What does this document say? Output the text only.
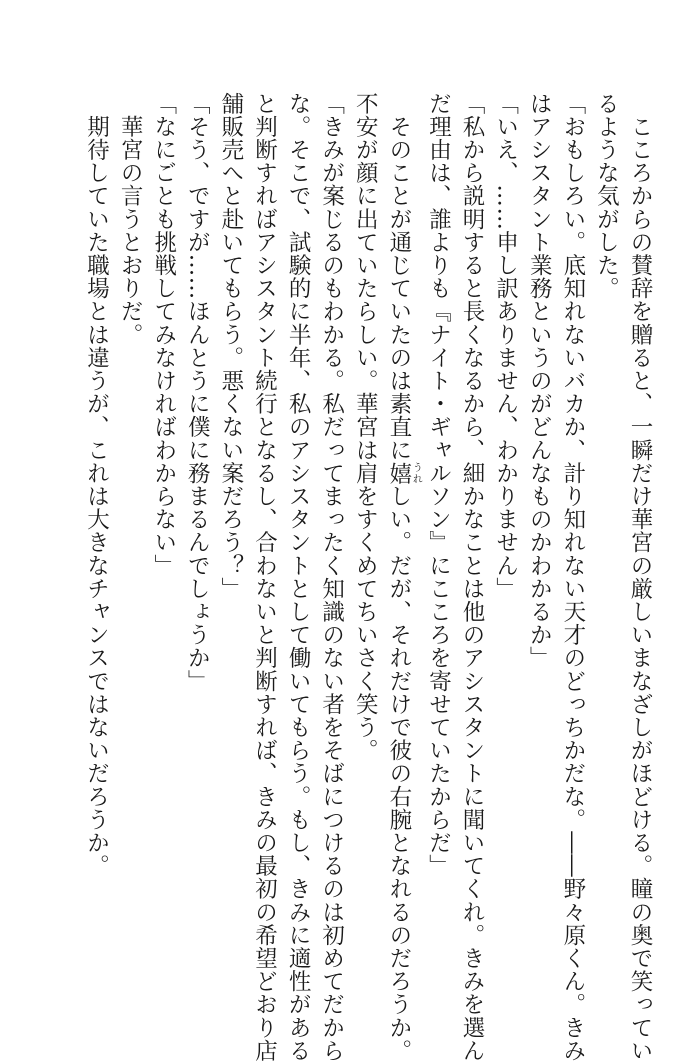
　こころからの賛辞を贈ると、一瞬だけ華宮の厳しいまなざしがほどける。瞳の奥で笑ってい
るような気がした。
「おもしろい。底知れないバカか、計り知れない天才のどっちかだな。――野々原くん。きみ
はアシスタント業務というのがどんなものかわかるか」
「いえ、……申し訳ありません、わかりません」
「私から説明すると長くなるから、細かなことは他のアシスタントに聞いてくれ。きみを選ん
だ理由は、誰よりも『ナイト・ギャルソン』にこころを寄せていたからだ」
　そのことが通じていたのは素直に嬉うれしい。だが、それだけで彼の右腕となれるのだろうか。
不安が顔に出ていたらしい。華宮は肩をすくめてちいさく笑う。
「きみが案じるのもわかる。私だってまったく知識のない者をそばにつけるのは初めてだから
な。そこで、試験的に半年、私のアシスタントとして働いてもらう。もし、きみに適性がある
と判断すればアシスタント続行となるし、合わないと判断すれば、きみの最初の希望どおり店
舗販売へと赴いてもらう。悪くない案だろう？」
「そう、ですが……ほんとうに僕に務まるんでしょうか」
「なにごとも挑戦してみなければわからない」
　華宮の言うとおりだ。
　期待していた職場とは違うが、これは大きなチャンスではないだろうか。
